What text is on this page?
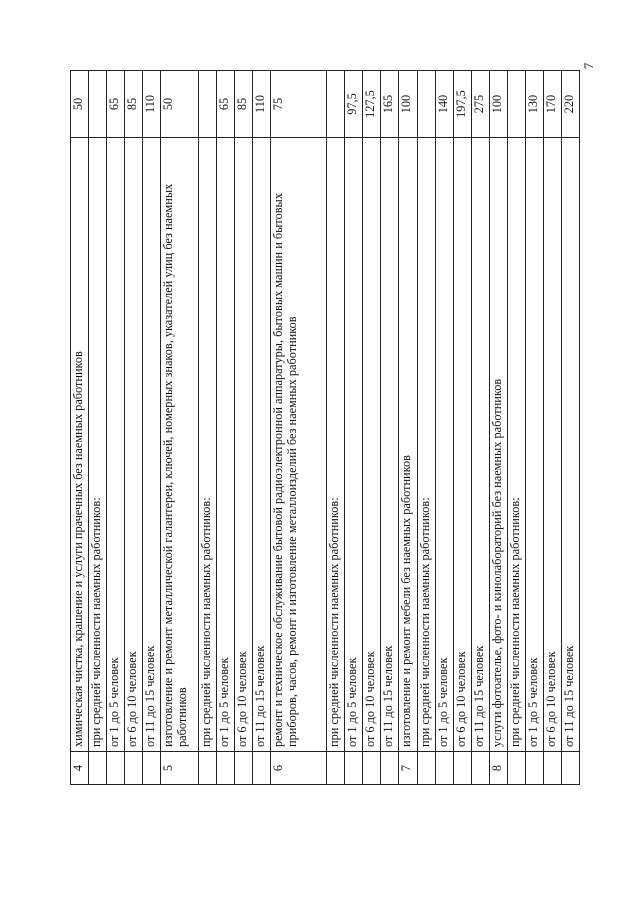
7
4	химическая чистка, крашение и услуги прачечных без наемных работников	50
	при средней численности наемных работников:	
	от 1 до 5 человек	65
	от 6 до 10 человек	85
	от 11 до 15 человек	110
5	изготовление и ремонт металлической галантереи, ключей, номерных знаков, указателей улиц без наемных работников	50
	при средней численности наемных работников:	
	от 1 до 5 человек	65
	от 6 до 10 человек	85
	от 11 до 15 человек	110
6	ремонт и техническое обслуживание бытовой радиоэлектронной аппаратуры, бытовых машин и бытовых приборов, часов, ремонт и изготовление металлоизделий без наемных работников	75
	при средней численности наемных работников:	
	от 1 до 5 человек	97,5
	от 6 до 10 человек	127,5
	от 11 до 15 человек	165
7	изготовление и ремонт мебели без наемных работников	100
	при средней численности наемных работников:	
	от 1 до 5 человек	140
	от 6 до 10 человек	197,5
	от 11 до 15 человек	275
8	услуги фотоателье, фото- и кинолабораторий без наемных работников	100
	при средней численности наемных работников:	
	от 1 до 5 человек	130
	от 6 до 10 человек	170
	от 11 до 15 человек	220
